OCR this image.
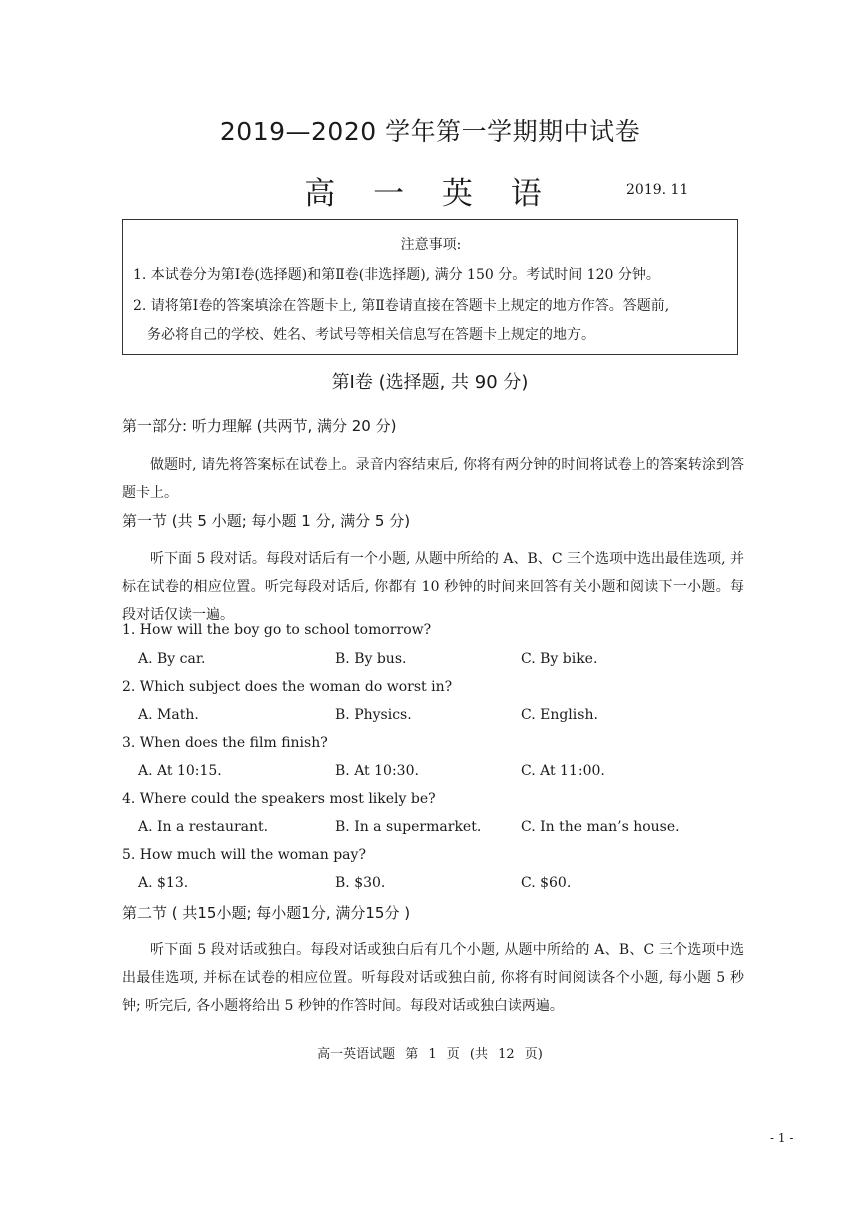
2019—2020 学年第一学期期中试卷
高 一 英 语	2019. 11
注意事项:
1. 本试卷分为第Ⅰ卷(选择题)和第Ⅱ卷(非选择题), 满分 150 分。考试时间 120 分钟。
2. 请将第Ⅰ卷的答案填涂在答题卡上, 第Ⅱ卷请直接在答题卡上规定的地方作答。答题前,
务必将自己的学校、姓名、考试号等相关信息写在答题卡上规定的地方。
第Ⅰ卷 (选择题, 共 90 分)
第一部分: 听力理解 (共两节, 满分 20 分)

做题时, 请先将答案标在试卷上。录音内容结束后, 你将有两分钟的时间将试卷上的答案转涂到答题卡上。

第一节 (共 5 小题; 每小题 1 分, 满分 5 分)

听下面 5 段对话。每段对话后有一个小题, 从题中所给的 A、B、C 三个选项中选出最佳选项, 并标在试卷的相应位置。听完每段对话后, 你都有 10 秒钟的时间来回答有关小题和阅读下一小题。每段对话仅读一遍。

1. How will the boy go to school tomorrow?
A. By car.	B. By bus.	C. By bike.
2. Which subject does the woman do worst in?
A. Math.	B. Physics.	C. English.
3. When does the film finish?
A. At 10:15.	B. At 10:30.	C. At 11:00.
4. Where could the speakers most likely be?
A. In a restaurant.	B. In a supermarket.	C. In the man’s house.
5. How much will the woman pay?
A. $13.	B. $30.	C. $60.
第二节 ( 共15小题; 每小题1分, 满分15分 )

听下面 5 段对话或独白。每段对话或独白后有几个小题, 从题中所给的 A、B、C 三个选项中选出最佳选项, 并标在试卷的相应位置。听每段对话或独白前, 你将有时间阅读各个小题, 每小题 5 秒钟; 听完后, 各小题将给出 5 秒钟的作答时间。每段对话或独白读两遍。

高一英语试题 第 1 页 (共 12 页)
- 1 -
